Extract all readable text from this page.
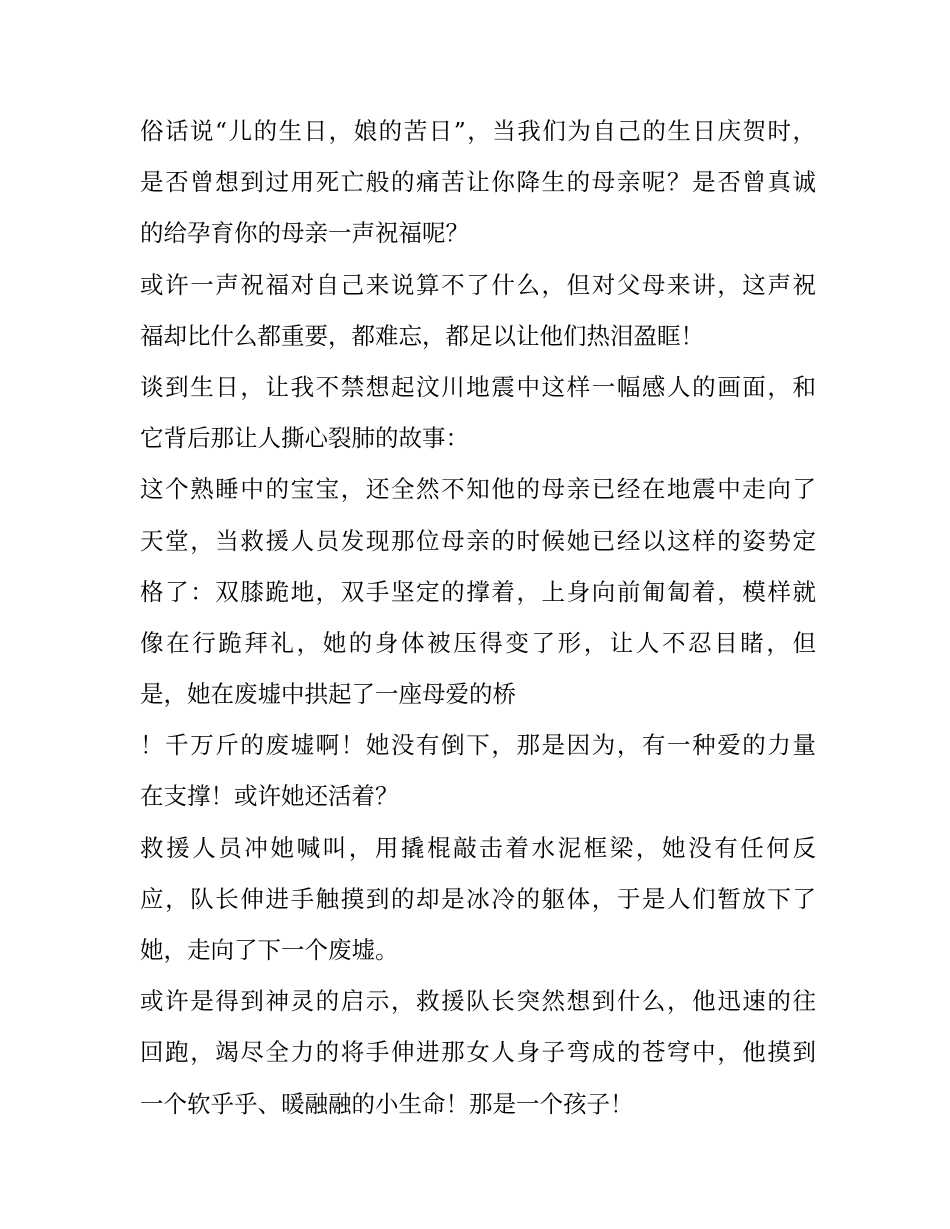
俗话说“儿的生日，娘的苦日”，当我们为自己的生日庆贺时，
是否曾想到过用死亡般的痛苦让你降生的母亲呢？是否曾真诚
的给孕育你的母亲一声祝福呢？

或许一声祝福对自己来说算不了什么，但对父母来讲，这声祝
福却比什么都重要，都难忘，都足以让他们热泪盈眶！

谈到生日，让我不禁想起汶川地震中这样一幅感人的画面，和
它背后那让人撕心裂肺的故事：

这个熟睡中的宝宝，还全然不知他的母亲已经在地震中走向了
天堂，当救援人员发现那位母亲的时候她已经以这样的姿势定
格了：双膝跪地，双手坚定的撑着，上身向前匍匐着，模样就
像在行跪拜礼，她的身体被压得变了形，让人不忍目睹，但
是，她在废墟中拱起了一座母爱的桥

！千万斤的废墟啊！她没有倒下，那是因为，有一种爱的力量
在支撑！或许她还活着？

救援人员冲她喊叫，用撬棍敲击着水泥框梁，她没有任何反
应，队长伸进手触摸到的却是冰冷的躯体，于是人们暂放下了
她，走向了下一个废墟。

或许是得到神灵的启示，救援队长突然想到什么，他迅速的往
回跑，竭尽全力的将手伸进那女人身子弯成的苍穹中，他摸到
一个软乎乎、暖融融的小生命！那是一个孩子！
